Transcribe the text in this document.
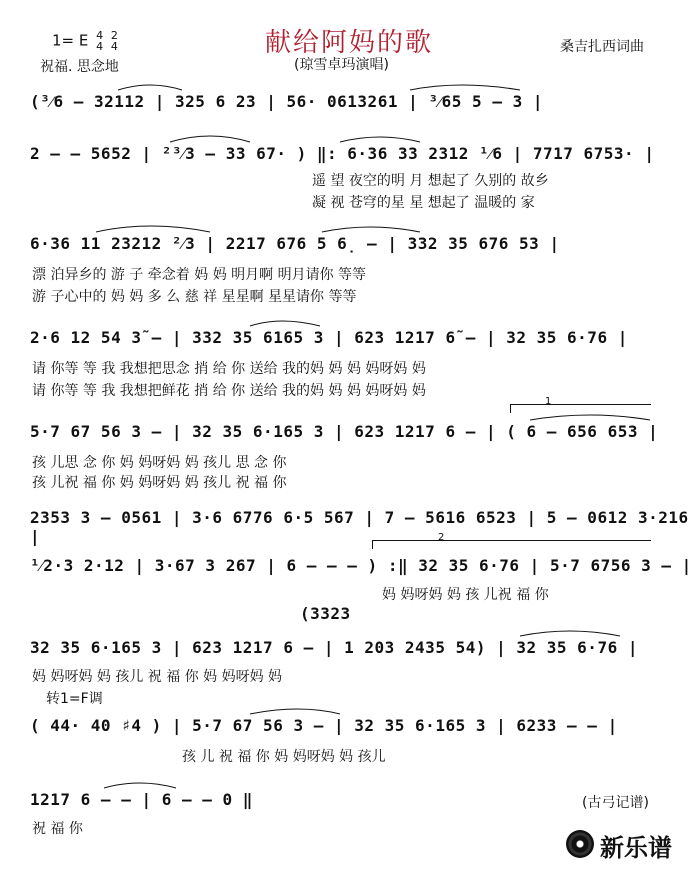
献给阿妈的歌
1= E 4
4

2
4
祝福. 思念地
桑吉扎西词曲
(琼雪卓玛演唱)
(³⁄6 – 32112 | 325 6 23 | 56· 0613261 | ³⁄65 5 – 3 |
2 – – 5652 | ²³⁄3 – 33 67· ) ‖: 6·36 33 2312 ¹⁄6 | 7717 6753· |
遥 望 夜空的明 月 想起了 久别的 故乡
凝 视 苍穹的星 星 想起了 温暖的 家
6·36 11 23212 ²⁄3 | 2217 676 5 6̣ – | 332 35 676 53 |
漂 泊异乡的 游 子 牵念着 妈 妈 明月啊 明月请你 等等
游 子心中的 妈 妈 多 么 慈 祥 星星啊 星星请你 等等
2·6 12 54 3̃ – | 332 35 6165 3 | 623 1217 6̃ – | 32 35 6·76 |
请 你等 等 我 我想把思念 捎 给 你 送给 我的妈 妈 妈 妈呀妈 妈
请 你等 等 我 我想把鲜花 捎 给 你 送给 我的妈 妈 妈 妈呀妈 妈
1
5·7 67 56 3 – | 32 35 6·165 3 | 623 1217 6 – | ( 6 – 656 653 |
孩 儿思 念 你 妈 妈呀妈 妈 孩儿 思 念 你
孩 儿祝 福 你 妈 妈呀妈 妈 孩儿 祝 福 你
2353 3 – 0561 | 3·6 6776 6·5 567 | 7 – 5616 6523 | 5 – 0612 3·216 |	2
¹⁄2·3 2·12 | 3·67 3 267 | 6 – – – ) :‖ 32 35 6·76 | 5·7 6756 3 – |
妈 妈呀妈 妈 孩 儿祝 福 你
(3323
32 35 6·165 3 | 623 1217 6 – | 1 203 2435 54) | 32 35 6·76 |
妈 妈呀妈 妈 孩儿 祝 福 你 妈 妈呀妈 妈
转1=F调
( 44· 40 ♯4 ) | 5·7 67 56 3 – | 32 35 6·165 3 | 6233 – – |
孩 儿 祝 福 你 妈 妈呀妈 妈 孩儿
1217 6 – – | 6 – – 0 ‖
祝 福 你
(古弓记谱)
新乐谱
